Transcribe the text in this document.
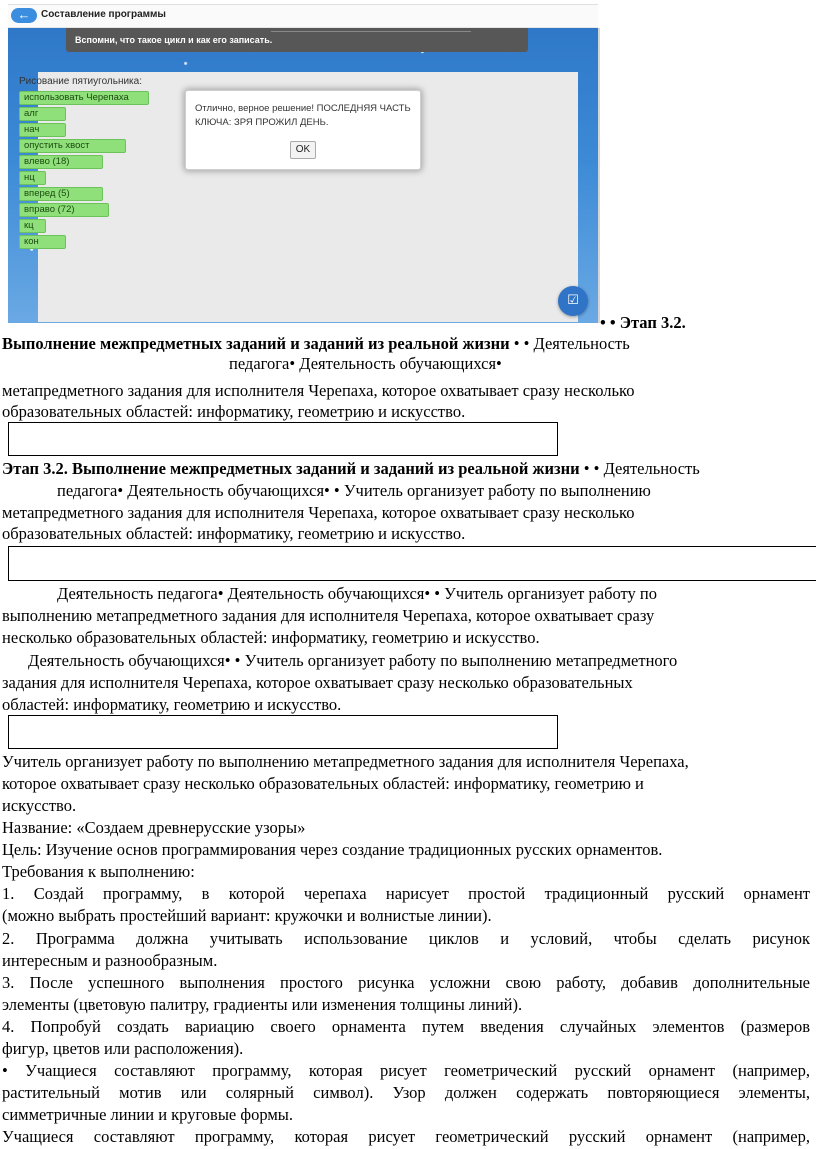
←	Составление программы
Вспомни, что такое цикл и как его записать.
Рисование пятиугольника:
использовать Черепаха
алг
нач
опустить хвост
влево (18)
нц
вперед (5)
вправо (72)
кц
кон
Отлично, верное решение! ПОСЛЕДНЯЯ ЧАСТЬ КЛЮЧА: ЗРЯ ПРОЖИЛ ДЕНЬ.
OK
☑
• • Этап 3.2.
Выполнение межпредметных заданий и заданий из реальной жизни • • Деятельность
педагога• Деятельность обучающихся•
метапредметного задания для исполнителя Черепаха, которое охватывает сразу несколько
образовательных областей: информатику, геометрию и искусство.
Этап 3.2. Выполнение межпредметных заданий и заданий из реальной жизни • • Деятельность
педагога• Деятельность обучающихся• • Учитель организует работу по выполнению
метапредметного задания для исполнителя Черепаха, которое охватывает сразу несколько
образовательных областей: информатику, геометрию и искусство.
Деятельность педагога• Деятельность обучающихся• • Учитель организует работу по
выполнению метапредметного задания для исполнителя Черепаха, которое охватывает сразу
несколько образовательных областей: информатику, геометрию и искусство.
Деятельность обучающихся• • Учитель организует работу по выполнению метапредметного
задания для исполнителя Черепаха, которое охватывает сразу несколько образовательных
областей: информатику, геометрию и искусство.
Учитель организует работу по выполнению метапредметного задания для исполнителя Черепаха,
которое охватывает сразу несколько образовательных областей: информатику, геометрию и
искусство.
Название: «Создаем древнерусские узоры»
Цель: Изучение основ программирования через создание традиционных русских орнаментов.
Требования к выполнению:
1. Создай программу, в которой черепаха нарисует простой традиционный русский орнамент
(можно выбрать простейший вариант: кружочки и волнистые линии).
2. Программа должна учитывать использование циклов и условий, чтобы сделать рисунок
интересным и разнообразным.
3. После успешного выполнения простого рисунка усложни свою работу, добавив дополнительные
элементы (цветовую палитру, градиенты или изменения толщины линий).
4. Попробуй создать вариацию своего орнамента путем введения случайных элементов (размеров
фигур, цветов или расположения).
• Учащиеся составляют программу, которая рисует геометрический русский орнамент (например,
растительный мотив или солярный символ). Узор должен содержать повторяющиеся элементы,
симметричные линии и круговые формы.
Учащиеся составляют программу, которая рисует геометрический русский орнамент (например,
